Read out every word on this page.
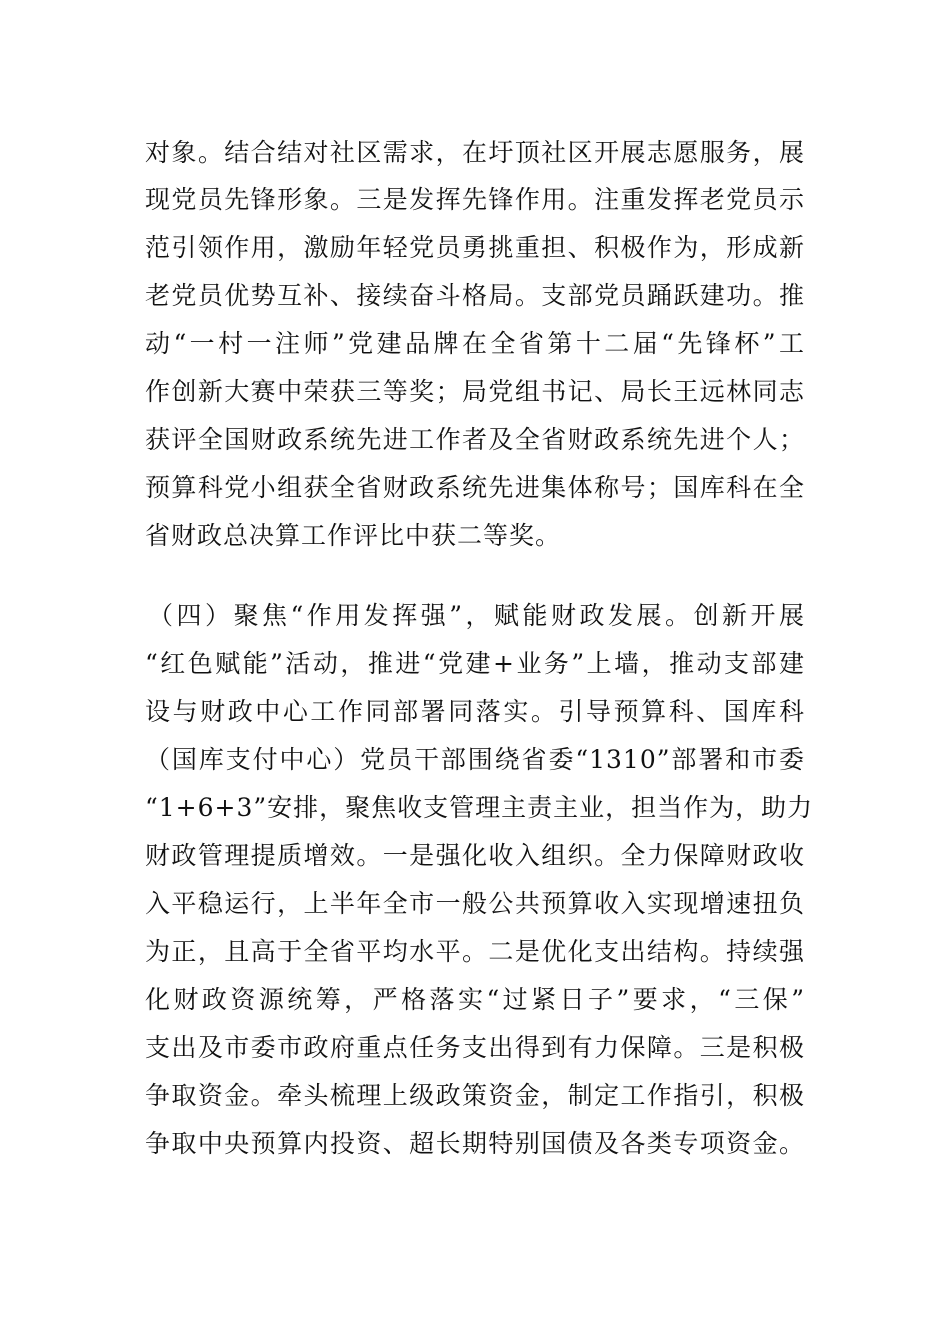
对象。结合结对社区需求，在圩顶社区开展志愿服务，展
现党员先锋形象。三是发挥先锋作用。注重发挥老党员示
范引领作用，激励年轻党员勇挑重担、积极作为，形成新
老党员优势互补、接续奋斗格局。支部党员踊跃建功。推
动“一村一注师”党建品牌在全省第十二届“先锋杯”工
作创新大赛中荣获三等奖；局党组书记、局长王远林同志
获评全国财政系统先进工作者及全省财政系统先进个人；
预算科党小组获全省财政系统先进集体称号；国库科在全
省财政总决算工作评比中获二等奖。
（四）聚焦“作用发挥强”，赋能财政发展。创新开展
“红色赋能”活动，推进“党建+业务”上墙，推动支部建
设与财政中心工作同部署同落实。引导预算科、国库科
（国库支付中心）党员干部围绕省委“1310”部署和市委
“1+6+3”安排，聚焦收支管理主责主业，担当作为，助力
财政管理提质增效。一是强化收入组织。全力保障财政收
入平稳运行，上半年全市一般公共预算收入实现增速扭负
为正，且高于全省平均水平。二是优化支出结构。持续强
化财政资源统筹，严格落实“过紧日子”要求，“三保”
支出及市委市政府重点任务支出得到有力保障。三是积极
争取资金。牵头梳理上级政策资金，制定工作指引，积极
争取中央预算内投资、超长期特别国债及各类专项资金。
